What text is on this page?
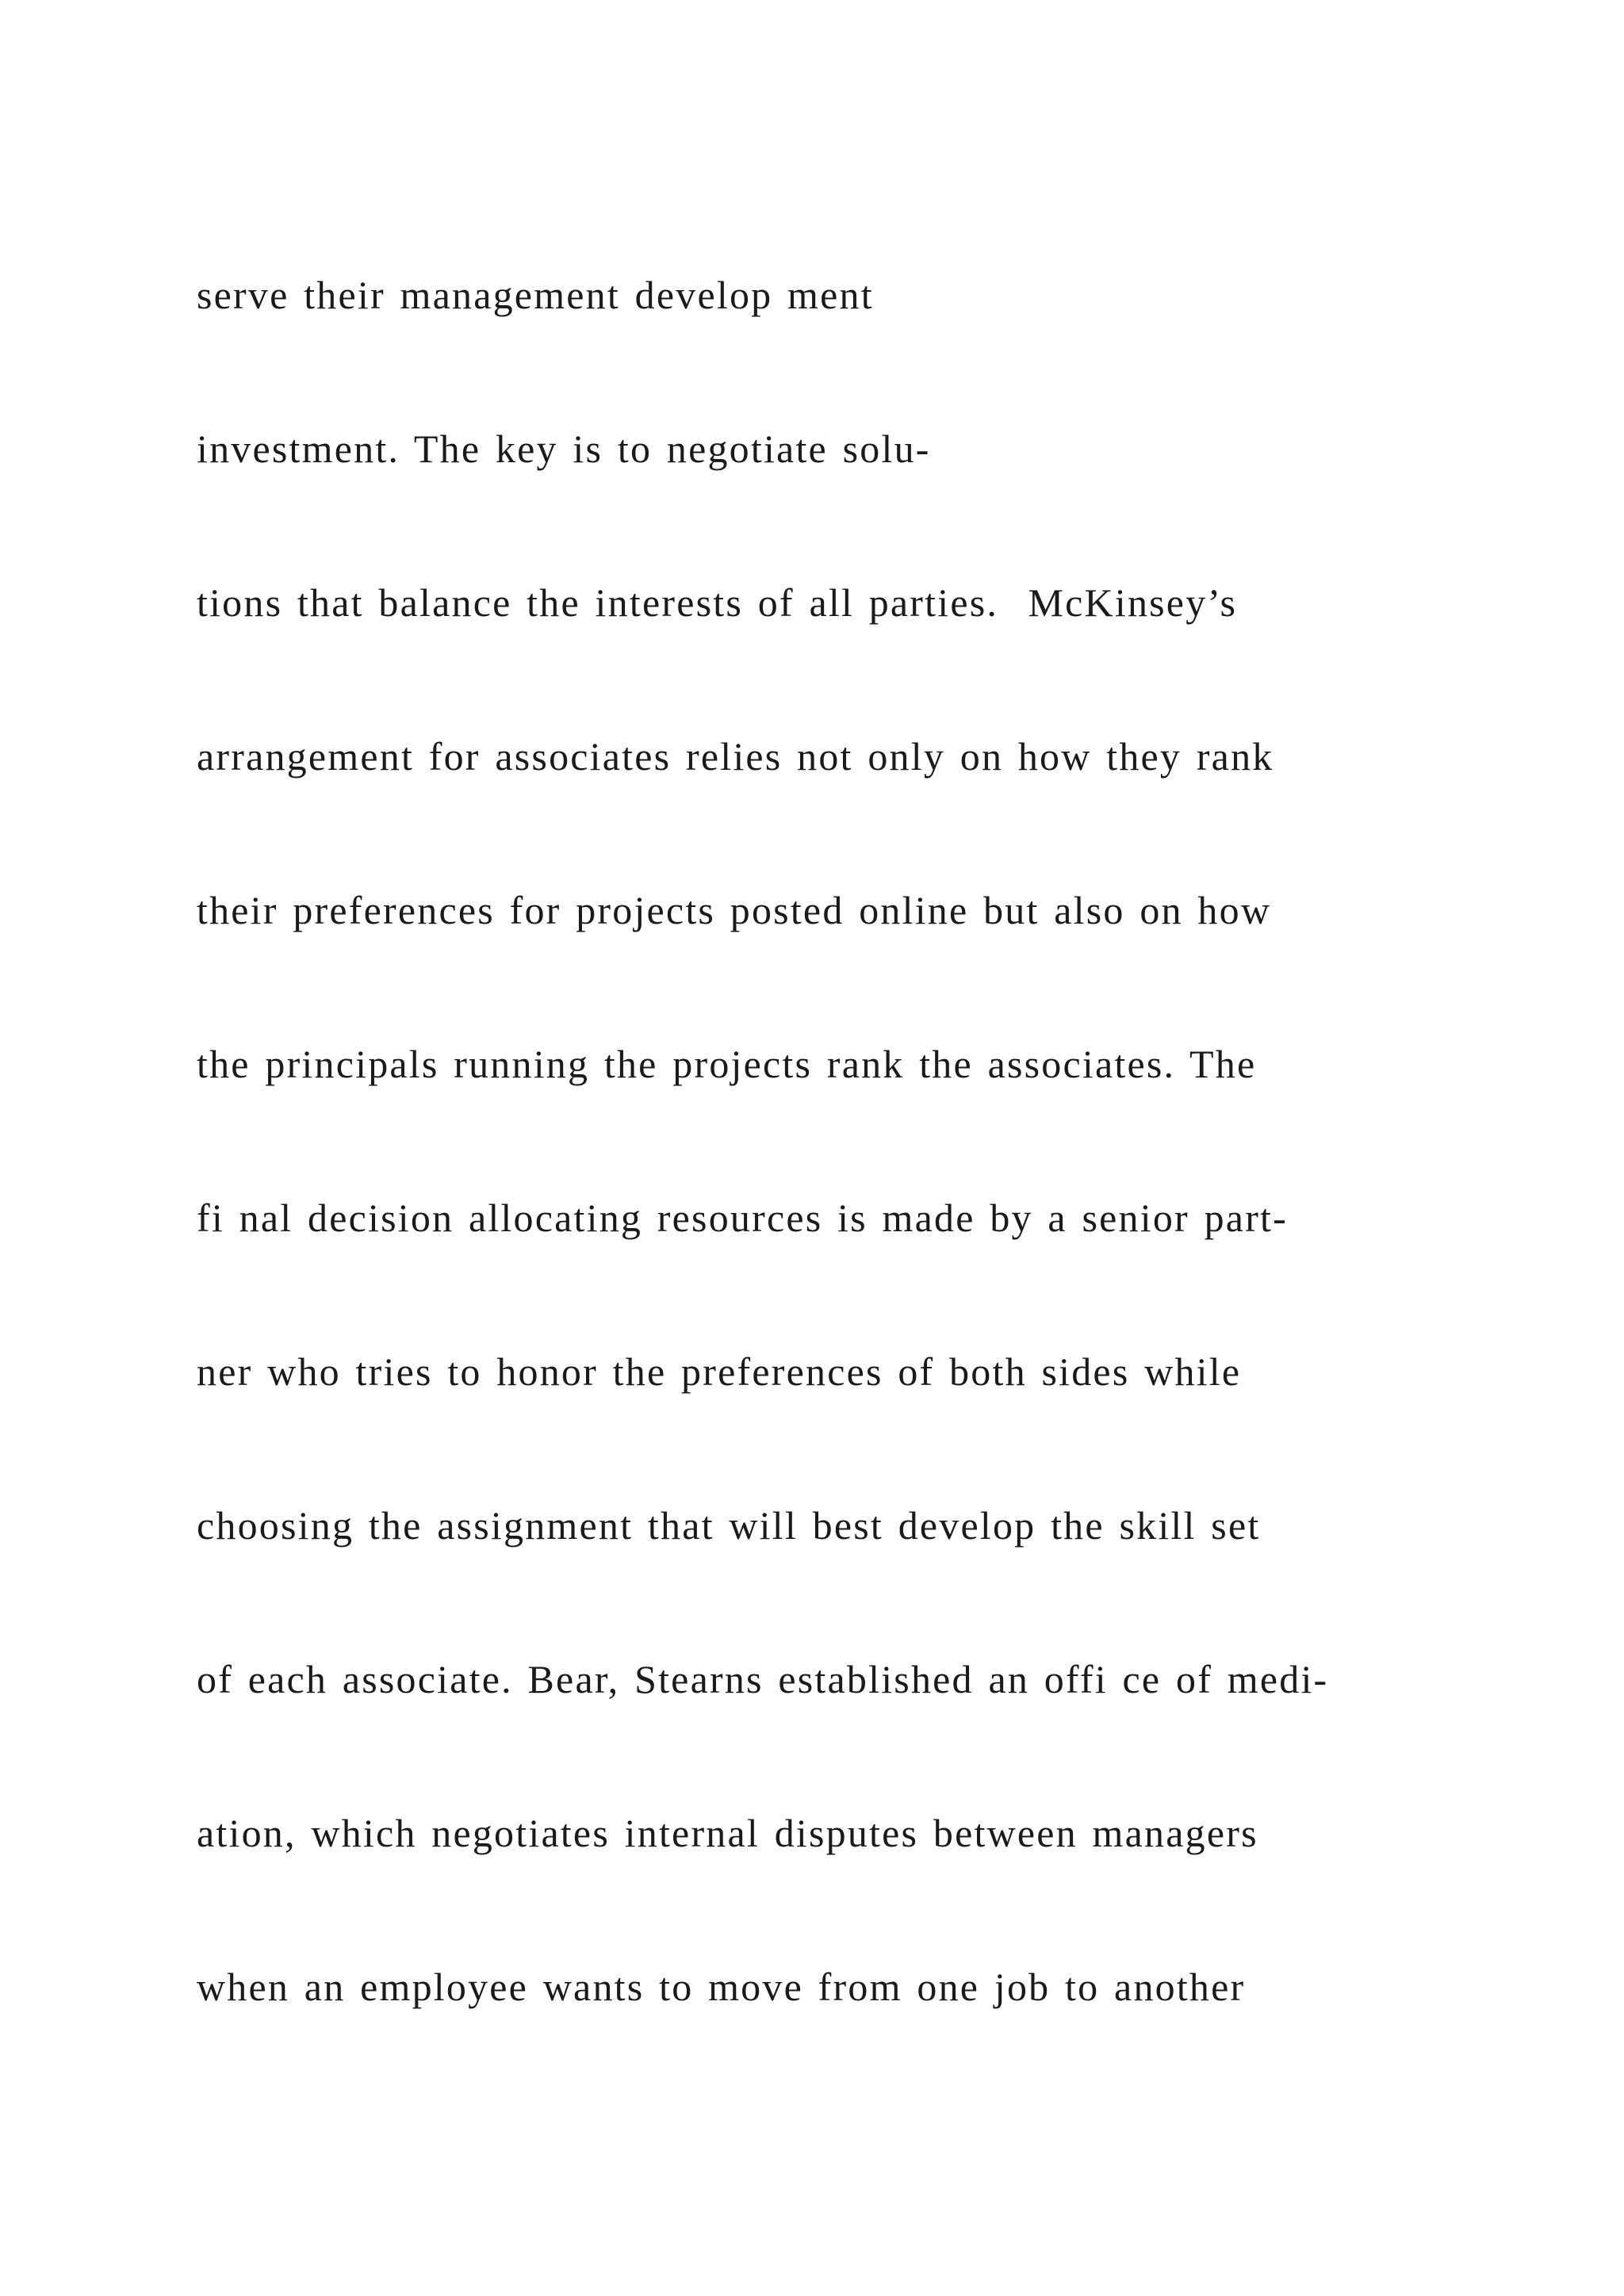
serve their management develop ment

investment. The key is to negotiate solu-

tions that balance the interests of all parties.  McKinsey’s

arrangement for associates relies not only on how they rank

their preferences for projects posted online but also on how

the principals running the projects rank the associates. The

fi nal decision allocating resources is made by a senior part-

ner who tries to honor the preferences of both sides while

choosing the assignment that will best develop the skill set

of each associate. Bear, Stearns established an offi ce of medi-

ation, which negotiates internal disputes between managers

when an employee wants to move from one job to another
